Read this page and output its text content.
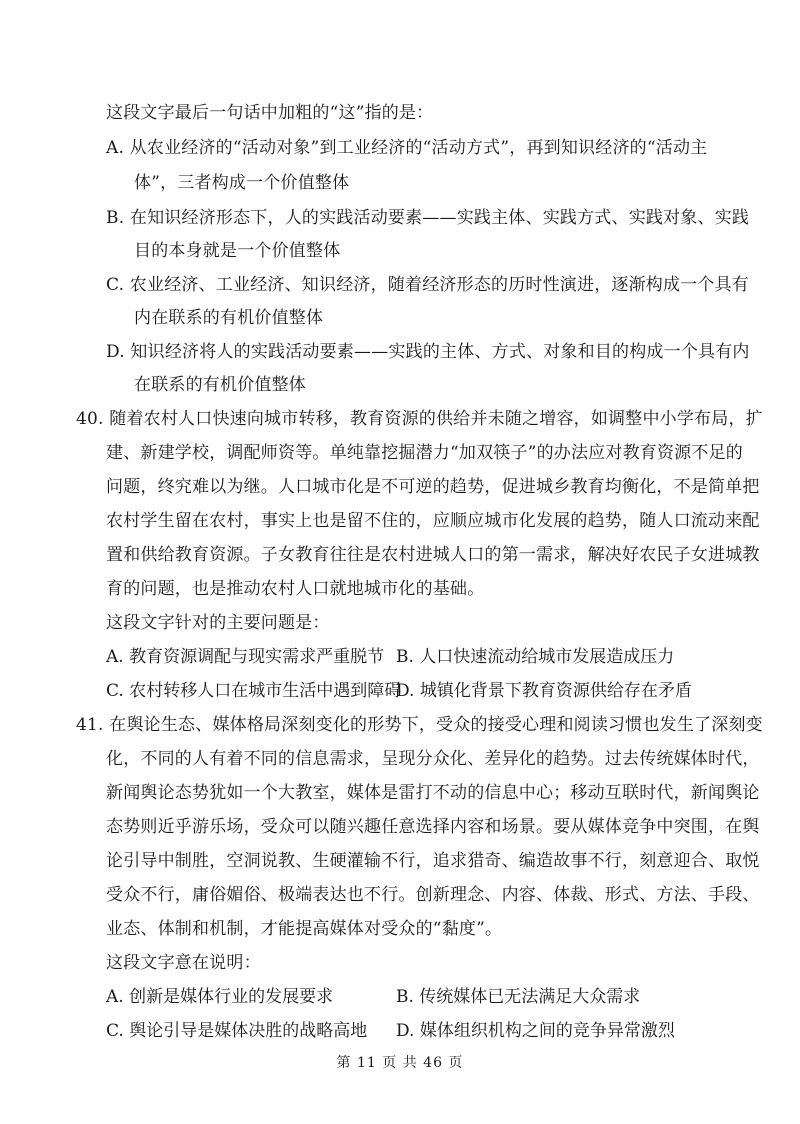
这段文字最后一句话中加粗的“这”指的是：
A. 从农业经济的“活动对象”到工业经济的“活动方式”，再到知识经济的“活动主
体”，三者构成一个价值整体
B. 在知识经济形态下，人的实践活动要素——实践主体、实践方式、实践对象、实践
目的本身就是一个价值整体
C. 农业经济、工业经济、知识经济，随着经济形态的历时性演进，逐渐构成一个具有
内在联系的有机价值整体
D. 知识经济将人的实践活动要素——实践的主体、方式、对象和目的构成一个具有内
在联系的有机价值整体
40. 随着农村人口快速向城市转移，教育资源的供给并未随之增容，如调整中小学布局，扩
建、新建学校，调配师资等。单纯靠挖掘潜力“加双筷子”的办法应对教育资源不足的
问题，终究难以为继。人口城市化是不可逆的趋势，促进城乡教育均衡化，不是简单把
农村学生留在农村，事实上也是留不住的，应顺应城市化发展的趋势，随人口流动来配
置和供给教育资源。子女教育往往是农村进城人口的第一需求，解决好农民子女进城教
育的问题，也是推动农村人口就地城市化的基础。
这段文字针对的主要问题是：
A. 教育资源调配与现实需求严重脱节 B. 人口快速流动给城市发展造成压力
C. 农村转移人口在城市生活中遇到障碍
D. 城镇化背景下教育资源供给存在矛盾
41. 在舆论生态、媒体格局深刻变化的形势下，受众的接受心理和阅读习惯也发生了深刻变
化，不同的人有着不同的信息需求，呈现分众化、差异化的趋势。过去传统媒体时代，
新闻舆论态势犹如一个大教室，媒体是雷打不动的信息中心；移动互联时代，新闻舆论
态势则近乎游乐场，受众可以随兴趣任意选择内容和场景。要从媒体竞争中突围，在舆
论引导中制胜，空洞说教、生硬灌输不行，追求猎奇、编造故事不行，刻意迎合、取悦
受众不行，庸俗媚俗、极端表达也不行。创新理念、内容、体裁、形式、方法、手段、
业态、体制和机制，才能提高媒体对受众的“黏度”。
这段文字意在说明：
A. 创新是媒体行业的发展要求	B. 传统媒体已无法满足大众需求
C. 舆论引导是媒体决胜的战略高地 D. 媒体组织机构之间的竞争异常激烈
第 11 页 共 46 页
